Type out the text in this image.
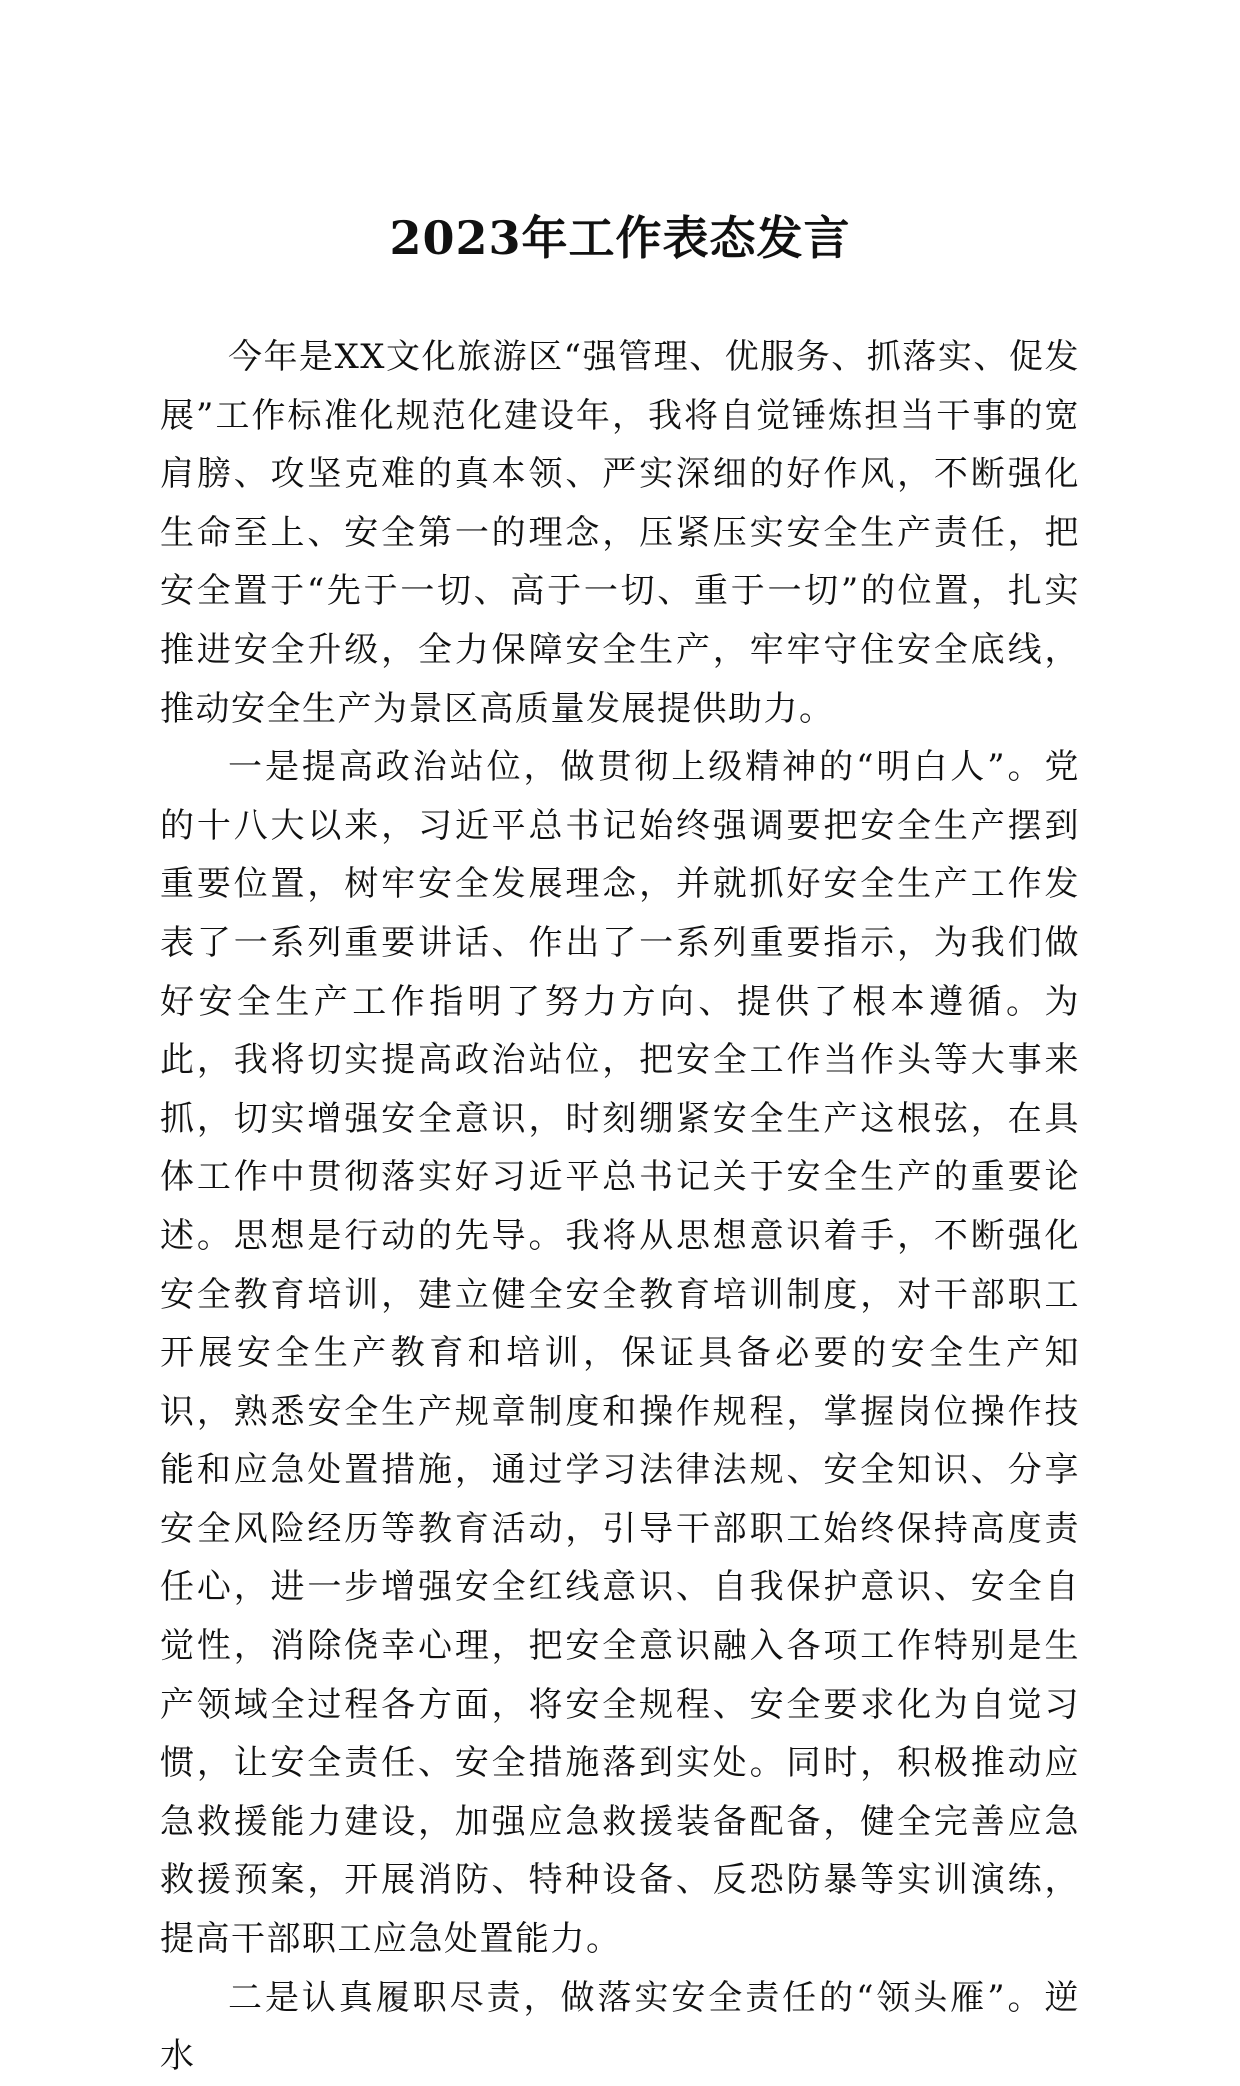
2023年工作表态发言

今年是XX文化旅游区“强管理、优服务、抓落实、促发展”工作标准化规范化建设年，我将自觉锤炼担当干事的宽肩膀、攻坚克难的真本领、严实深细的好作风，不断强化生命至上、安全第一的理念，压紧压实安全生产责任，把安全置于“先于一切、高于一切、重于一切”的位置，扎实推进安全升级，全力保障安全生产，牢牢守住安全底线，推动安全生产为景区高质量发展提供助力。

一是提高政治站位，做贯彻上级精神的“明白人”。党的十八大以来，习近平总书记始终强调要把安全生产摆到重要位置，树牢安全发展理念，并就抓好安全生产工作发表了一系列重要讲话、作出了一系列重要指示，为我们做好安全生产工作指明了努力方向、提供了根本遵循。为此，我将切实提高政治站位，把安全工作当作头等大事来抓，切实增强安全意识，时刻绷紧安全生产这根弦，在具体工作中贯彻落实好习近平总书记关于安全生产的重要论述。思想是行动的先导。我将从思想意识着手，不断强化安全教育培训，建立健全安全教育培训制度，对干部职工开展安全生产教育和培训，保证具备必要的安全生产知识，熟悉安全生产规章制度和操作规程，掌握岗位操作技能和应急处置措施，通过学习法律法规、安全知识、分享安全风险经历等教育活动，引导干部职工始终保持高度责任心，进一步增强安全红线意识、自我保护意识、安全自觉性，消除侥幸心理，把安全意识融入各项工作特别是生产领域全过程各方面，将安全规程、安全要求化为自觉习惯，让安全责任、安全措施落到实处。同时，积极推动应急救援能力建设，加强应急救援装备配备，健全完善应急救援预案，开展消防、特种设备、反恐防暴等实训演练，提高干部职工应急处置能力。

二是认真履职尽责，做落实安全责任的“领头雁”。逆水
